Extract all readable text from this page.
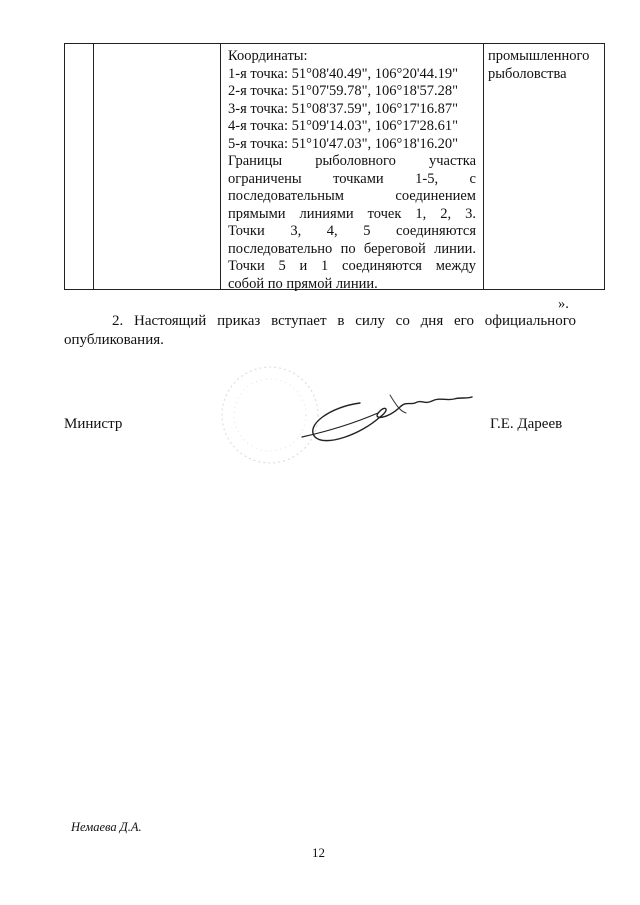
Координаты:
1-я точка: 51°08'40.49", 106°20'44.19"
2-я точка: 51°07'59.78", 106°18'57.28"
3-я точка: 51°08'37.59", 106°17'16.87"
4-я точка: 51°09'14.03", 106°17'28.61"
5-я точка: 51°10'47.03", 106°18'16.20"
Границы рыболовного участка
ограничены точками 1-5, с
последовательным соединением
прямыми линиями точек 1, 2, 3.
Точки 3, 4, 5 соединяются
последовательно по береговой линии.
Точки 5 и 1 соединяются между
собой по прямой линии.
промышленного
рыболовства
».
2. Настоящий приказ вступает в силу со дня его официального
опубликования.
Министр	Г.Е. Дареев
Немаева Д.А.
12
